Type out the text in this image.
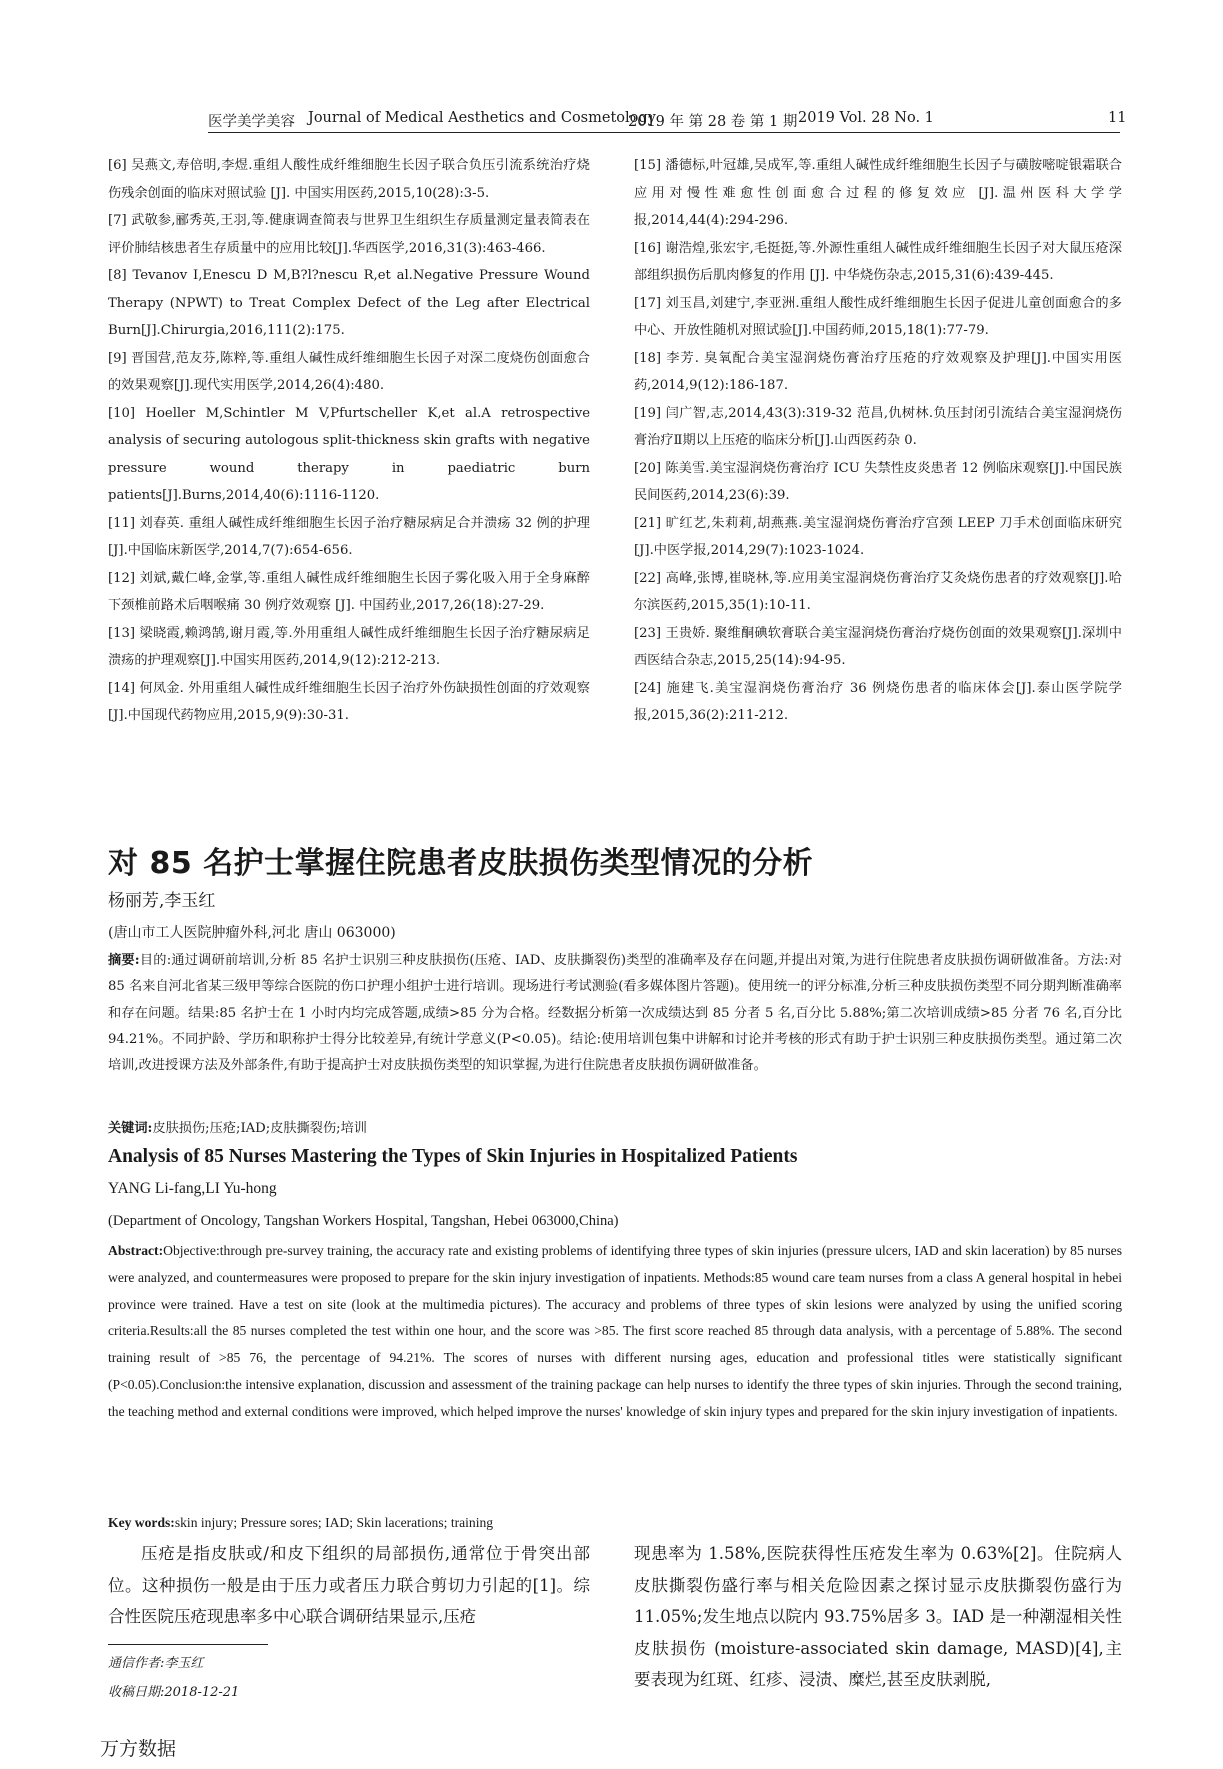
医学美学美容 Journal of Medical Aesthetics and Cosmetology
2019 年 第 28 卷 第 1 期 2019 Vol. 28 No. 1	11

[6] 吴燕文,寿倍明,李煜.重组人酸性成纤维细胞生长因子联合负压引流系统治疗烧伤残余创面的临床对照试验 [J]. 中国实用医药,2015,10(28):3-5.

[7] 武敬参,郦秀英,王羽,等.健康调查简表与世界卫生组织生存质量测定量表简表在评价肺结核患者生存质量中的应用比较[J].华西医学,2016,31(3):463-466.

[8] Tevanov I,Enescu D M,B?l?nescu R,et al.Negative Pressure Wound Therapy (NPWT) to Treat Complex Defect of the Leg after Electrical Burn[J].Chirurgia,2016,111(2):175.

[9] 晋国营,范友芬,陈粹,等.重组人碱性成纤维细胞生长因子对深二度烧伤创面愈合的效果观察[J].现代实用医学,2014,26(4):480.

[10] Hoeller M,Schintler M V,Pfurtscheller K,et al.A retrospective analysis of securing autologous split-thickness skin grafts with negative pressure wound therapy in paediatric burn patients[J].Burns,2014,40(6):1116-1120.

[11] 刘春英. 重组人碱性成纤维细胞生长因子治疗糖尿病足合并溃疡 32 例的护理[J].中国临床新医学,2014,7(7):654-656.

[12] 刘斌,戴仁峰,金掌,等.重组人碱性成纤维细胞生长因子雾化吸入用于全身麻醉下颈椎前路术后咽喉痛 30 例疗效观察 [J]. 中国药业,2017,26(18):27-29.

[13] 梁晓霞,赖鸿鹄,谢月霞,等.外用重组人碱性成纤维细胞生长因子治疗糖尿病足溃疡的护理观察[J].中国实用医药,2014,9(12):212-213.

[14] 何凤金. 外用重组人碱性成纤维细胞生长因子治疗外伤缺损性创面的疗效观察[J].中国现代药物应用,2015,9(9):30-31.

[15] 潘德标,叶冠雄,吴成军,等.重组人碱性成纤维细胞生长因子与磺胺嘧啶银霜联合应用对慢性难愈性创面愈合过程的修复效应 [J].温州医科大学学报,2014,44(4):294-296.

[16] 谢浩煌,张宏宇,毛挺挺,等.外源性重组人碱性成纤维细胞生长因子对大鼠压疮深部组织损伤后肌肉修复的作用 [J]. 中华烧伤杂志,2015,31(6):439-445.

[17] 刘玉昌,刘建宁,李亚洲.重组人酸性成纤维细胞生长因子促进儿童创面愈合的多中心、开放性随机对照试验[J].中国药师,2015,18(1):77-79.

[18] 李芳. 臭氧配合美宝湿润烧伤膏治疗压疮的疗效观察及护理[J].中国实用医药,2014,9(12):186-187.

[19] 闫广智,志,2014,43(3):319-32 范昌,仇树林.负压封闭引流结合美宝湿润烧伤膏治疗Ⅱ期以上压疮的临床分析[J].山西医药杂 0.

[20] 陈美雪.美宝湿润烧伤膏治疗 ICU 失禁性皮炎患者 12 例临床观察[J].中国民族民间医药,2014,23(6):39.

[21] 旷红艺,朱莉莉,胡燕燕.美宝湿润烧伤膏治疗宫颈 LEEP 刀手术创面临床研究[J].中医学报,2014,29(7):1023-1024.

[22] 高峰,张博,崔晓林,等.应用美宝湿润烧伤膏治疗艾灸烧伤患者的疗效观察[J].哈尔滨医药,2015,35(1):10-11.

[23] 王贵娇. 聚维酮碘软膏联合美宝湿润烧伤膏治疗烧伤创面的效果观察[J].深圳中西医结合杂志,2015,25(14):94-95.

[24] 施建飞.美宝湿润烧伤膏治疗 36 例烧伤患者的临床体会[J].泰山医学院学报,2015,36(2):211-212.

对 85 名护士掌握住院患者皮肤损伤类型情况的分析
杨丽芳,李玉红
(唐山市工人医院肿瘤外科,河北 唐山 063000)
摘要:目的:通过调研前培训,分析 85 名护士识别三种皮肤损伤(压疮、IAD、皮肤撕裂伤)类型的准确率及存在问题,并提出对策,为进行住院患者皮肤损伤调研做准备。方法:对 85 名来自河北省某三级甲等综合医院的伤口护理小组护士进行培训。现场进行考试测验(看多媒体图片答题)。使用统一的评分标准,分析三种皮肤损伤类型不同分期判断准确率和存在问题。结果:85 名护士在 1 小时内均完成答题,成绩>85 分为合格。经数据分析第一次成绩达到 85 分者 5 名,百分比 5.88%;第二次培训成绩>85 分者 76 名,百分比 94.21%。不同护龄、学历和职称护士得分比较差异,有统计学意义(P<0.05)。结论:使用培训包集中讲解和讨论并考核的形式有助于护士识别三种皮肤损伤类型。通过第二次培训,改进授课方法及外部条件,有助于提高护士对皮肤损伤类型的知识掌握,为进行住院患者皮肤损伤调研做准备。
关键词:皮肤损伤;压疮;IAD;皮肤撕裂伤;培训
Analysis of 85 Nurses Mastering the Types of Skin Injuries in Hospitalized Patients
YANG Li-fang,LI Yu-hong
(Department of Oncology, Tangshan Workers Hospital, Tangshan, Hebei 063000,China)
Abstract:Objective:through pre-survey training, the accuracy rate and existing problems of identifying three types of skin injuries (pressure ulcers, IAD and skin laceration) by 85 nurses were analyzed, and countermeasures were proposed to prepare for the skin injury investigation of inpatients. Methods:85 wound care team nurses from a class A general hospital in hebei province were trained. Have a test on site (look at the multimedia pictures). The accuracy and problems of three types of skin lesions were analyzed by using the unified scoring criteria.Results:all the 85 nurses completed the test within one hour, and the score was >85. The first score reached 85 through data analysis, with a percentage of 5.88%. The second training result of >85 76, the percentage of 94.21%. The scores of nurses with different nursing ages, education and professional titles were statistically significant (P<0.05).Conclusion:the intensive explanation, discussion and assessment of the training package can help nurses to identify the three types of skin injuries. Through the second training, the teaching method and external conditions were improved, which helped improve the nurses' knowledge of skin injury types and prepared for the skin injury investigation of inpatients.
Key words:skin injury; Pressure sores; IAD; Skin lacerations; training
压疮是指皮肤或/和皮下组织的局部损伤,通常位于骨突出部位。这种损伤一般是由于压力或者压力联合剪切力引起的[1]。综合性医院压疮现患率多中心联合调研结果显示,压疮
现患率为 1.58%,医院获得性压疮发生率为 0.63%[2]。住院病人皮肤撕裂伤盛行率与相关危险因素之探讨显示皮肤撕裂伤盛行为 11.05%;发生地点以院内 93.75%居多 3。IAD 是一种潮湿相关性皮肤损伤 (moisture-associated skin damage, MASD)[4],主要表现为红斑、红疹、浸渍、糜烂,甚至皮肤剥脱,
通信作者:李玉红
收稿日期:2018-12-21
万方数据
